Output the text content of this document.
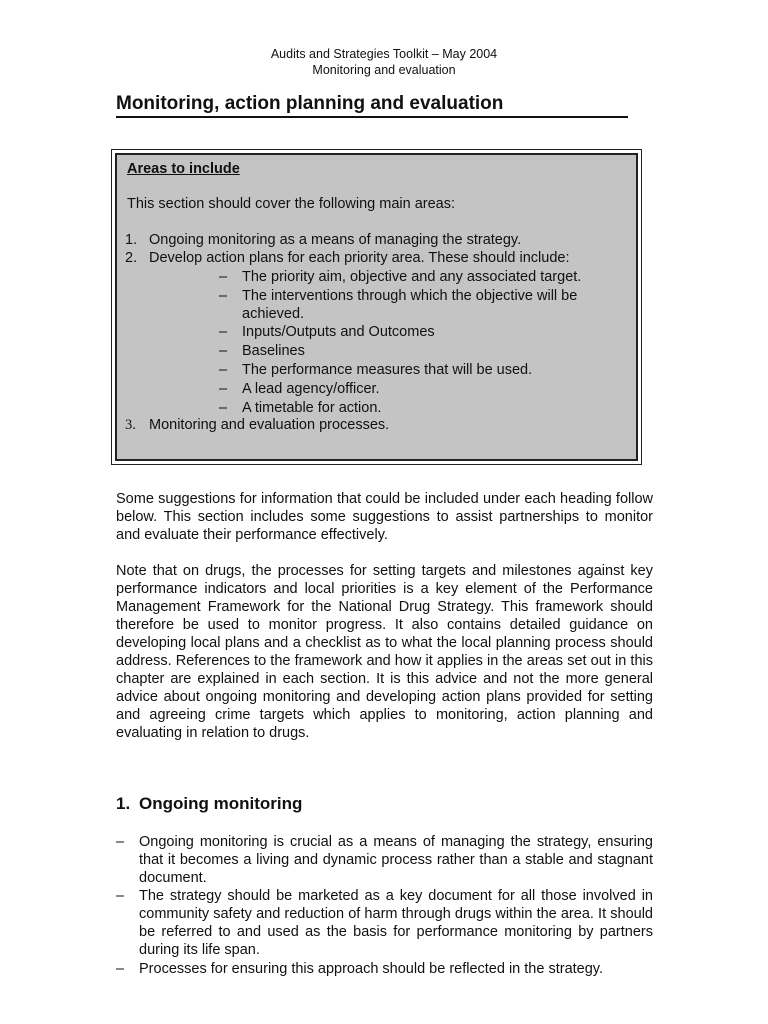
Audits and Strategies Toolkit – May 2004
Monitoring and evaluation
Monitoring, action planning and evaluation
Areas to include
This section should cover the following main areas:
1. Ongoing monitoring as a means of managing the strategy.
2. Develop action plans for each priority area. These should include:
– The priority aim, objective and any associated target.
– The interventions through which the objective will be achieved.
– Inputs/Outputs and Outcomes
– Baselines
– The performance measures that will be used.
– A lead agency/officer.
– A timetable for action.
3. Monitoring and evaluation processes.

Some suggestions for information that could be included under each heading follow below. This section includes some suggestions to assist partnerships to monitor and evaluate their performance effectively.

Note that on drugs, the processes for setting targets and milestones against key performance indicators and local priorities is a key element of the Performance Management Framework for the National Drug Strategy. This framework should therefore be used to monitor progress. It also contains detailed guidance on developing local plans and a checklist as to what the local planning process should address. References to the framework and how it applies in the areas set out in this chapter are explained in each section. It is this advice and not the more general advice about ongoing monitoring and developing action plans provided for setting and agreeing crime targets which applies to monitoring, action planning and evaluating in relation to drugs.

1. Ongoing monitoring
– Ongoing monitoring is crucial as a means of managing the strategy, ensuring that it becomes a living and dynamic process rather than a stable and stagnant document.
– The strategy should be marketed as a key document for all those involved in community safety and reduction of harm through drugs within the area. It should be referred to and used as the basis for performance monitoring by partners during its life span.
– Processes for ensuring this approach should be reflected in the strategy.
